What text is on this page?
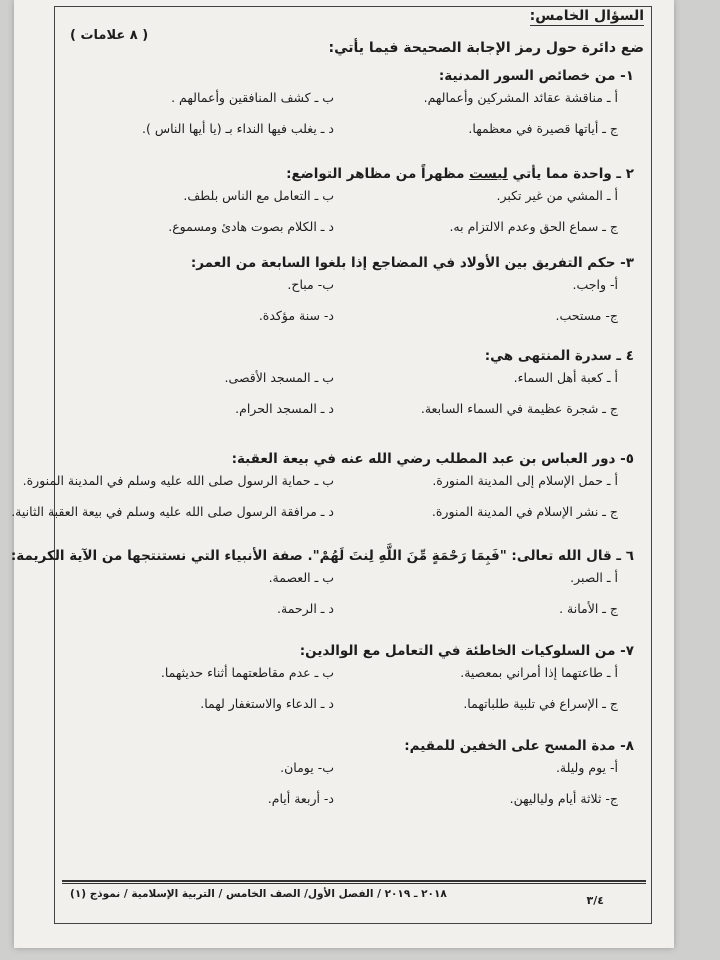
السؤال الخامس:
( ٨ علامات )
ضع دائرة حول رمز الإجابة الصحيحة فيما يأتي:
١- من خصائص السور المدنية:
أ ـ مناقشة عقائد المشركين وأعمالهم.
ب ـ كشف المنافقين وأعمالهم .
ج ـ أياتها قصيرة في معظمها.
د ـ يغلب فيها النداء بـ (يا أيها الناس ).
٢ ـ واحدة مما يأتي ليست مظهراً من مظاهر التواضع:
أ ـ المشي من غير تكبر.
ب ـ التعامل مع الناس بلطف.
ج ـ سماع الحق وعدم الالتزام به.
د ـ الكلام بصوت هادئ ومسموع.
٣- حكم التفريق بين الأولاد في المضاجع إذا بلغوا السابعة من العمر:
أ- واجب.
ب- مباح.
ج- مستحب.
د- سنة مؤكدة.
٤ ـ سدرة المنتهى هي:
أ ـ كعبة أهل السماء.
ب ـ المسجد الأقصى.
ج ـ شجرة عظيمة في السماء السابعة.
د ـ المسجد الحرام.
٥- دور العباس بن عبد المطلب رضي الله عنه في بيعة العقبة:
أ ـ حمل الإسلام إلى المدينة المنورة.
ب ـ حماية الرسول صلى الله عليه وسلم في المدينة المنورة.
ج ـ نشر الإسلام في المدينة المنورة.
د ـ مرافقة الرسول صلى الله عليه وسلم في بيعة العقبة الثانية.
٦ ـ قال الله تعالى: "فَبِمَا رَحْمَةٍ مِّنَ اللَّهِ لِنتَ لَهُمْ". صفة الأنبياء التي نستنتجها من الآية الكريمة:
أ ـ الصبر.
ب ـ العصمة.
ج ـ الأمانة .
د ـ الرحمة.
٧- من السلوكيات الخاطئة في التعامل مع الوالدين:
أ ـ طاعتهما إذا أمراني بمعصية.
ب ـ عدم مقاطعتهما أثناء حديثهما.
ج ـ الإسراع في تلبية طلباتهما.
د ـ الدعاء والاستغفار لهما.
٨- مدة المسح على الخفين للمقيم:
أ- يوم وليلة.
ب- يومان.
ج- ثلاثة أيام ولياليهن.
د- أربعة أيام.
٢٠١٨ ـ ٢٠١٩ / الفصل الأول/ الصف الخامس / التربية الإسلامية / نموذج (١)	٣/٤
